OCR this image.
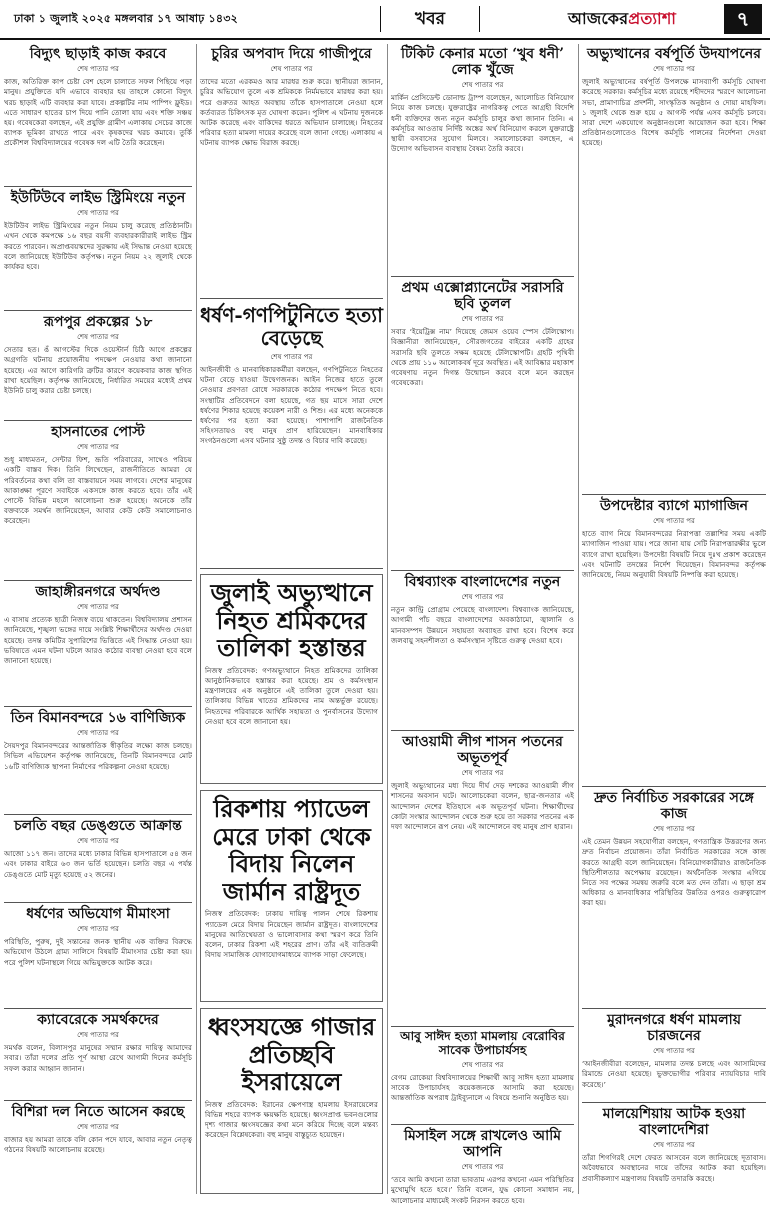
ঢাকা ১ জুলাই ২০২৫ মঙ্গলবার ১৭ আষাঢ় ১৪৩২	খবর	আজকেরপ্রত্যাশা	৭
বিদ্যুৎ ছাড়াই কাজ করবে
শেষ পাতার পর

কাজ, অতিরিক্ত কাপ চেষ্টা বেশ হেলে চালাতে সফল পিছিয়ে পড়া মানুষ। প্রযুক্তিতে যদি এভাবে ব্যবহার হয় তাহলে কোনো বিদ্যুৎ খরচ ছাড়াই এটি ব্যবহার করা যাবে। প্রকল্পটির নাম পাম্পিং ফ্লুইড। এতে সাধারণ হাতের চাপ দিয়ে পানি তোলা যায় এবং শক্তি সঞ্চয় হয়। গবেষকেরা বলছেন, এই প্রযুক্তি গ্রামীণ এলাকায় সেচের কাজে ব্যাপক ভূমিকা রাখতে পারে এবং কৃষকদের খরচ কমাবে। তুর্কি প্রকৌশল বিশ্ববিদ্যালয়ের গবেষক দল এটি তৈরি করেছেন।

ইউটিউবে লাইভ স্ট্রিমিংয়ে নতুন
শেষ পাতার পর

ইউটিউব লাইভ স্ট্রিমিংয়ের নতুন নিয়ম চালু করেছে প্রতিষ্ঠানটি। এখন থেকে কমপক্ষে ১৬ বছর বয়সী ব্যবহারকারীরাই লাইভ স্ট্রিম করতে পারবেন। অপ্রাপ্তবয়স্কদের সুরক্ষায় এই সিদ্ধান্ত নেওয়া হয়েছে বলে জানিয়েছে ইউটিউব কর্তৃপক্ষ। নতুন নিয়ম ২২ জুলাই থেকে কার্যকর হবে।

রূপপুর প্রকল্পের ১৮
শেষ পাতার পর

সেতার হত। ঙঁ আগস্টের দিকে ওয়েস্টার্ন চিঠি আগে প্রকল্পের অগ্রগতি ঘটনায় প্রয়োজনীয় পদক্ষেপ নেওয়ার কথা জানানো হয়েছে। এর আগে কারিগরি ত্রুটির কারণে কয়েকবার কাজ স্থগিত রাখা হয়েছিল। কর্তৃপক্ষ জানিয়েছে, নির্ধারিত সময়ের মধ্যেই প্রথম ইউনিট চালু করার চেষ্টা চলছে।

হাসনাতের পোস্ট
শেষ পাতার পর

শুধু মাধ্যমতন, সেন্টার ফিশ, ভ্রূতি পরিবারের, সাথেও পরিচয় একটি বাস্তব দিক। তিনি লিখেছেন, রাজনীতিতে আমরা যে পরিবর্তনের কথা বলি তা বাস্তবায়নে সময় লাগবে। দেশের মানুষের আকাঙ্ক্ষা পূরণে সবাইকে একসঙ্গে কাজ করতে হবে। তাঁর এই পোস্টে বিভিন্ন মহলে আলোচনা শুরু হয়েছে। অনেকে তাঁর বক্তব্যকে সমর্থন জানিয়েছেন, আবার কেউ কেউ সমালোচনাও করেছেন।

জাহাঙ্গীরনগরে অর্থদণ্ড
শেষ পাতার পর

এ বাসায় প্রত্যেক ছাত্রী নিজস্ব ব্যয়ে থাকতেন। বিশ্ববিদ্যালয় প্রশাসন জানিয়েছে, শৃঙ্খলা ভঙ্গের দায়ে সংশ্লিষ্ট শিক্ষার্থীদের অর্থদণ্ড দেওয়া হয়েছে। তদন্ত কমিটির সুপারিশের ভিত্তিতে এই সিদ্ধান্ত নেওয়া হয়। ভবিষ্যতে এমন ঘটনা ঘটলে আরও কঠোর ব্যবস্থা নেওয়া হবে বলে জানানো হয়েছে।

তিন বিমানবন্দরে ১৬ বাণিজ্যিক
শেষ পাতার পর

সৈয়দপুর বিমানবন্দরের আন্তর্জাতিক স্বীকৃতির লক্ষ্যে কাজ চলছে। সিভিল এভিয়েশন কর্তৃপক্ষ জানিয়েছে, তিনটি বিমানবন্দরে মোট ১৬টি বাণিজ্যিক স্থাপনা নির্মাণের পরিকল্পনা নেওয়া হয়েছে।

চলতি বছর ডেঙ্গুতে আক্রান্ত
শেষ পাতার পর

আজো ১১৭ জন। তাদের মধ্যে ঢাকার বিভিন্ন হাসপাতালে ৫৪ জন এবং ঢাকার বাইরে ৬৩ জন ভর্তি হয়েছেন। চলতি বছর এ পর্যন্ত ডেঙ্গুতে মোট মৃত্যু হয়েছে ৫২ জনের।

ধর্ষণের অভিযোগ মীমাংসা
শেষ পাতার পর

পরিস্থিতি, পুরুষ, দুই সন্তানের জনক স্থানীয় এক ব্যক্তির বিরুদ্ধে অভিযোগ উঠলে গ্রাম্য সালিসে বিষয়টি মীমাংসার চেষ্টা করা হয়। পরে পুলিশ ঘটনাস্থলে গিয়ে অভিযুক্তকে আটক করে।

ক্যাবেরেকে সমর্থকদের
শেষ পাতার পর

সমর্থক বলেন, বিলাসপুর মানুষের সম্মান রক্ষার দায়িত্ব আমাদের সবার। তাঁরা দলের প্রতি পূর্ণ আস্থা রেখে আগামী দিনের কর্মসূচি সফল করার আহ্বান জানান।

বিশিরা দল নিতে আসেন করছে
শেষ পাতার পর

বাজার হয় আমরা তাকে বলি কোন পদে যাবে, আবার নতুন নেতৃত্ব গঠনের বিষয়টি আলোচনায় রয়েছে।

চুরির অপবাদ দিয়ে গাজীপুরে
শেষ পাতার পর

তাদের মতো এরকমও আর মারধর শুরু করে। স্থানীয়রা জানান, চুরির অভিযোগ তুলে এক শ্রমিককে নির্মমভাবে মারধর করা হয়। পরে গুরুতর আহত অবস্থায় তাঁকে হাসপাতালে নেওয়া হলে কর্তব্যরত চিকিৎসক মৃত ঘোষণা করেন। পুলিশ এ ঘটনায় দুজনকে আটক করেছে এবং বাকিদের ধরতে অভিযান চালাচ্ছে। নিহতের পরিবার হত্যা মামলা দায়ের করেছে বলে জানা গেছে। এলাকায় এ ঘটনায় ব্যাপক ক্ষোভ বিরাজ করছে।

ধর্ষণ-গণপিটুনিতে হত্যা বেড়েছে
শেষ পাতার পর

আইনজীবী ও মানবাধিকারকর্মীরা বলছেন, গণপিটুনিতে নিহতের ঘটনা বেড়ে যাওয়া উদ্বেগজনক। আইন নিজের হাতে তুলে নেওয়ার প্রবণতা রোধে সরকারকে কঠোর পদক্ষেপ নিতে হবে। সংস্থাটির প্রতিবেদনে বলা হয়েছে, গত ছয় মাসে সারা দেশে ধর্ষণের শিকার হয়েছে কয়েকশ নারী ও শিশু। এর মধ্যে অনেককে ধর্ষণের পর হত্যা করা হয়েছে। পাশাপাশি রাজনৈতিক সহিংসতায়ও বহু মানুষ প্রাণ হারিয়েছেন। মানবাধিকার সংগঠনগুলো এসব ঘটনার সুষ্ঠু তদন্ত ও বিচার দাবি করেছে।

জুলাই অভ্যুত্থানে নিহত শ্রমিকদের তালিকা হস্তান্তর

নিজস্ব প্রতিবেদক: গণঅভ্যুত্থানে নিহত শ্রমিকদের তালিকা আনুষ্ঠানিকভাবে হস্তান্তর করা হয়েছে। শ্রম ও কর্মসংস্থান মন্ত্রণালয়ের এক অনুষ্ঠানে এই তালিকা তুলে দেওয়া হয়। তালিকায় বিভিন্ন খাতের শ্রমিকদের নাম অন্তর্ভুক্ত রয়েছে। নিহতদের পরিবারকে আর্থিক সহায়তা ও পুনর্বাসনের উদ্যোগ নেওয়া হবে বলে জানানো হয়।

রিকশায় প্যাডেল মেরে ঢাকা থেকে বিদায় নিলেন জার্মান রাষ্ট্রদূত

নিজস্ব প্রতিবেদক: ঢাকায় দায়িত্ব পালন শেষে রিকশায় প্যাডেল মেরে বিদায় নিয়েছেন জার্মান রাষ্ট্রদূত। বাংলাদেশের মানুষের আতিথেয়তা ও ভালোবাসার কথা স্মরণ করে তিনি বলেন, ঢাকার রিকশা এই শহরের প্রাণ। তাঁর এই ব্যতিক্রমী বিদায় সামাজিক যোগাযোগমাধ্যমে ব্যাপক সাড়া ফেলেছে।

ধ্বংসযজ্ঞে গাজার প্রতিচ্ছবি ইসরায়েলে

নিজস্ব প্রতিবেদক: ইরানের ক্ষেপণাস্ত্র হামলায় ইসরায়েলের বিভিন্ন শহরে ব্যাপক ক্ষয়ক্ষতি হয়েছে। ধ্বংসপ্রাপ্ত ভবনগুলোর দৃশ্য গাজার ধ্বংসযজ্ঞের কথা মনে করিয়ে দিচ্ছে বলে মন্তব্য করেছেন বিশ্লেষকেরা। বহু মানুষ বাস্তুচ্যুত হয়েছেন।

টিকিট কেনার মতো ‘খুব ধনী’ লোক খুঁজে
শেষ পাতার পর

মার্কিন প্রেসিডেন্ট ডোনাল্ড ট্রাম্প বলেছেন, আলোচিত বিনিয়োগ নিয়ে কাজ চলছে। যুক্তরাষ্ট্রের নাগরিকত্ব পেতে আগ্রহী বিদেশি ধনী ব্যক্তিদের জন্য নতুন কর্মসূচি চালুর কথা জানান তিনি। এ কর্মসূচির আওতায় নির্দিষ্ট অঙ্কের অর্থ বিনিয়োগ করলে যুক্তরাষ্ট্রে স্থায়ী বসবাসের সুযোগ মিলবে। সমালোচকেরা বলছেন, এ উদ্যোগ অভিবাসন ব্যবস্থায় বৈষম্য তৈরি করবে।

প্রথম এক্সোপ্ল্যানেটের সরাসরি ছবি তুলল
শেষ পাতার পর

সবার ‘ইয়েট্রিক্স নাম’ দিয়েছে জেমস ওয়েব স্পেস টেলিস্কোপ। বিজ্ঞানীরা জানিয়েছেন, সৌরজগতের বাইরের একটি গ্রহের সরাসরি ছবি তুলতে সক্ষম হয়েছে টেলিস্কোপটি। গ্রহটি পৃথিবী থেকে প্রায় ১১০ আলোকবর্ষ দূরে অবস্থিত। এই আবিষ্কার মহাকাশ গবেষণায় নতুন দিগন্ত উন্মোচন করবে বলে মনে করছেন গবেষকেরা।

বিশ্বব্যাংক বাংলাদেশের নতুন
শেষ পাতার পর

নতুন কান্ট্রি প্রোগ্রাম পেয়েছে বাংলাদেশ। বিশ্বব্যাংক জানিয়েছে, আগামী পাঁচ বছরে বাংলাদেশের অবকাঠামো, জ্বালানি ও মানবসম্পদ উন্নয়নে সহায়তা অব্যাহত রাখা হবে। বিশেষ করে জলবায়ু সহনশীলতা ও কর্মসংস্থান সৃষ্টিতে গুরুত্ব দেওয়া হবে।

আওয়ামী লীগ শাসন পতনের অভূতপূর্ব
শেষ পাতার পর

জুলাই অভ্যুত্থানের মধ্য দিয়ে দীর্ঘ দেড় দশকের আওয়ামী লীগ শাসনের অবসান ঘটে। আলোচকেরা বলেন, ছাত্র-জনতার এই আন্দোলন দেশের ইতিহাসে এক অভূতপূর্ব ঘটনা। শিক্ষার্থীদের কোটা সংস্কার আন্দোলন থেকে শুরু হয়ে তা সরকার পতনের এক দফা আন্দোলনে রূপ নেয়। এই আন্দোলনে বহু মানুষ প্রাণ হারান।

আবু সাঈদ হত্যা মামলায় বেরোবির সাবেক উপাচার্যসহ
শেষ পাতার পর

বেগম রোকেয়া বিশ্ববিদ্যালয়ের শিক্ষার্থী আবু সাঈদ হত্যা মামলায় সাবেক উপাচার্যসহ কয়েকজনকে আসামি করা হয়েছে। আন্তর্জাতিক অপরাধ ট্রাইব্যুনালে এ বিষয়ে শুনানি অনুষ্ঠিত হয়।

মিসাইল সঙ্গে রাখলেও আমি আপনি
শেষ পাতার পর

‘তবে আমি কখনো তারা ভাবতাম এরপর কখনো এমন পরিস্থিতির মুখোমুখি হতে হবে।’ তিনি বলেন, যুদ্ধ কোনো সমাধান নয়, আলোচনার মাধ্যমেই সংকট নিরসন করতে হবে।

অভ্যুত্থানের বর্ষপূর্তি উদযাপনের
শেষ পাতার পর

জুলাই অভ্যুত্থানের বর্ষপূর্তি উপলক্ষে মাসব্যাপী কর্মসূচি ঘোষণা করেছে সরকার। কর্মসূচির মধ্যে রয়েছে শহীদদের স্মরণে আলোচনা সভা, প্রামাণ্যচিত্র প্রদর্শনী, সাংস্কৃতিক অনুষ্ঠান ও দোয়া মাহফিল। ১ জুলাই থেকে শুরু হয়ে ৫ আগস্ট পর্যন্ত এসব কর্মসূচি চলবে। সারা দেশে একযোগে অনুষ্ঠানগুলো আয়োজন করা হবে। শিক্ষা প্রতিষ্ঠানগুলোতেও বিশেষ কর্মসূচি পালনের নির্দেশনা দেওয়া হয়েছে।

উপদেষ্টার ব্যাগে ম্যাগাজিন
শেষ পাতার পর

হাতে ব্যাগ নিয়ে বিমানবন্দরের নিরাপত্তা তল্লাশির সময় একটি ম্যাগাজিন পাওয়া যায়। পরে জানা যায় সেটি নিরাপত্তারক্ষীর ভুলে ব্যাগে রাখা হয়েছিল। উপদেষ্টা বিষয়টি নিয়ে দুঃখ প্রকাশ করেছেন এবং ঘটনাটি তদন্তের নির্দেশ দিয়েছেন। বিমানবন্দর কর্তৃপক্ষ জানিয়েছে, নিয়ম অনুযায়ী বিষয়টি নিষ্পত্তি করা হয়েছে।

দ্রুত নির্বাচিত সরকারের সঙ্গে কাজ
শেষ পাতার পর

এই তেমন উন্নয়ন সহযোগীরা বলছেন, গণতান্ত্রিক উত্তরণের জন্য দ্রুত নির্বাচন প্রয়োজন। তাঁরা নির্বাচিত সরকারের সঙ্গে কাজ করতে আগ্রহী বলে জানিয়েছেন। বিনিয়োগকারীরাও রাজনৈতিক স্থিতিশীলতার অপেক্ষায় রয়েছেন। অর্থনৈতিক সংস্কার এগিয়ে নিতে সব পক্ষের সমন্বয় জরুরি বলে মত দেন তাঁরা। এ ছাড়া শ্রম অধিকার ও মানবাধিকার পরিস্থিতির উন্নতির ওপরও গুরুত্বারোপ করা হয়।

মুরাদনগরে ধর্ষণ মামলায় চারজনের
শেষ পাতার পর

‘আইনজীবীরা বলেছেন, মামলার তদন্ত চলছে এবং আসামিদের রিমান্ডে নেওয়া হয়েছে। ভুক্তভোগীর পরিবার ন্যায়বিচার দাবি করেছে।’

মালয়েশিয়ায় আটক হওয়া বাংলাদেশিরা
শেষ পাতার পর

তাঁরা শিগগিরই দেশে ফেরত আসবেন বলে জানিয়েছে দূতাবাস। অবৈধভাবে অবস্থানের দায়ে তাঁদের আটক করা হয়েছিল। প্রবাসীকল্যাণ মন্ত্রণালয় বিষয়টি তদারকি করছে।
